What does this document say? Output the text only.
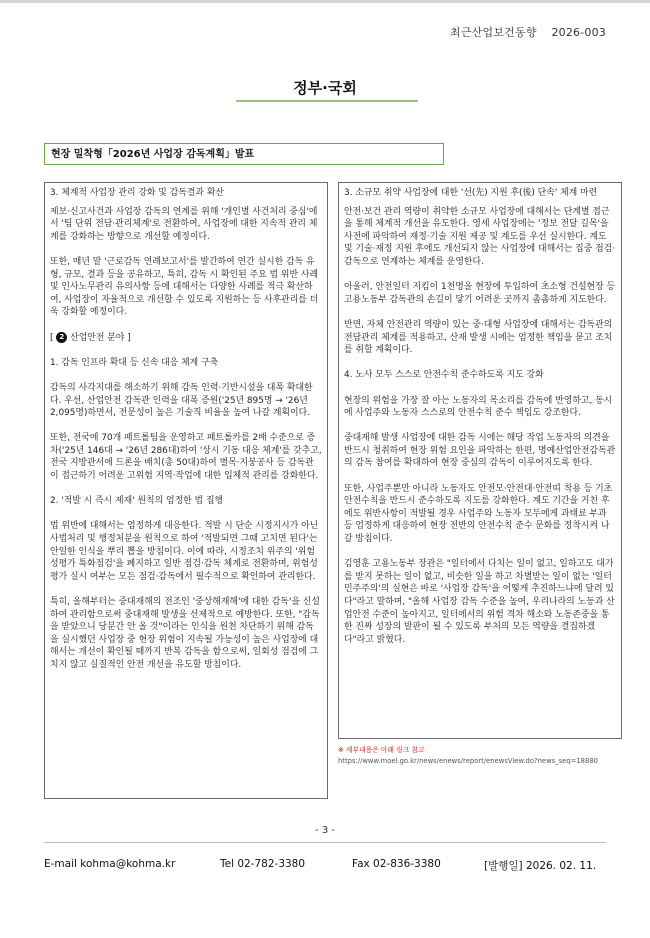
최근산업보건동향 2026-003
정부·국회
현장 밀착형「2026년 사업장 감독계획」발표

3. 체계적 사업장 관리 강화 및 감독결과 확산

제보·신고사건과 사업장 감독의 연계를 위해 '개인별 사건처리 중심'에서 '팀 단위 전담·관리체계'로 전환하여, 사업장에 대한 지속적 관리 체계를 강화하는 방향으로 개선할 예정이다.

또한, 매년 말 '근로감독 연례보고서'를 발간하여 연간 실시한 감독 유형, 규모, 결과 등을 공유하고, 특히, 감독 시 확인된 주요 법 위반 사례 및 인사노무관리 유의사항 등에 대해서는 다양한 사례를 적극 확산하여, 사업장이 자율적으로 개선할 수 있도록 지원하는 등 사후관리를 더욱 강화할 예정이다.

[ 2 산업안전 분야 ]

1. 감독 인프라 확대 등 신속 대응 체계 구축

감독의 사각지대를 해소하기 위해 감독 인력·기반시설을 대폭 확대한다. 우선, 산업안전 감독관 인력을 대폭 증원('25년 895명 → '26년 2,095명)하면서, 전문성이 높은 기술직 비율을 높여 나갈 계획이다.

또한, 전국에 70개 패트롤팀을 운영하고 패트롤카를 2배 수준으로 증차('25년 146대 → '26년 286대)하여 '상시 기동 대응 체계'를 갖추고, 전국 지방관서에 드론을 배치(총 50대)하여 별목·지붕공사 등 감독관이 접근하기 어려운 고위험 지역·작업에 대한 입체적 관리를 강화한다.

2. '적발 시 즉시 제재' 원칙의 엄정한 법 집행

법 위반에 대해서는 엄정하게 대응한다. 적발 시 단순 시정지시가 아닌 사법처리 및 행정처분을 원칙으로 하여 '적발되면 그때 고치면 된다'는 안일한 인식을 뿌리 뽑을 방침이다. 이에 따라, 시정조치 위주의 '위험성평가 특화점검'을 폐지하고 일반 점검·감독 체계로 전환하며, 위험성평가 실시 여부는 모든 점검·감독에서 필수적으로 확인하여 관리한다.

특히, 올해부터는 중대재해의 전조인 '중상해재해'에 대한 감독'을 신설하여 관리함으로써 중대재해 발생을 선제적으로 예방한다. 또한, "감독을 받았으니 당분간 안 올 것"이라는 인식을 원천 차단하기 위해 감독을 실시했던 사업장 중 현장 위험이 지속될 가능성이 높은 사업장에 대해서는 개선이 확인될 때까지 반복 감독을 함으로써, 일회성 점검에 그치지 않고 실질적인 안전 개선을 유도할 방침이다.

3. 소규모 취약 사업장에 대한 '선(先) 지원 후(後) 단속' 체계 마련

안전·보건 관리 역량이 취약한 소규모 사업장에 대해서는 단계별 접근을 통해 체계적 개선을 유도한다. 영세 사업장에는 '정보 전달 길목'을 사전에 파악하여 재정·기술 지원 제공 및 계도를 우선 실시한다. 계도 및 기술·재정 지원 후에도 개선되지 않는 사업장에 대해서는 집중 점검·감독으로 연계하는 체계를 운영한다.

아울러, 안전일터 지킴이 1천명을 현장에 투입하여 초소형 건설현장 등 고용노동부 감독관의 손길이 닿기 어려운 곳까지 촘촘하게 지도한다.

반면, 자체 안전관리 역량이 있는 중·대형 사업장에 대해서는 감독관의 전담관리 체계를 적용하고, 산재 발생 시에는 엄정한 책임을 묻고 조치를 취할 계획이다.

4. 노사 모두 스스로 안전수칙 준수하도록 지도 강화

현장의 위험을 가장 잘 아는 노동자의 목소리를 감독에 반영하고, 동시에 사업주와 노동자 스스로의 안전수칙 준수 책임도 강조한다.

중대재해 발생 사업장에 대한 감독 시에는 해당 작업 노동자의 의견을 반드시 청취하여 현장 위험 요인을 파악하는 한편, 명예산업안전감독관의 감독 참여를 확대하여 현장 중심의 감독이 이루어지도록 한다.

또한, 사업주뿐만 아니라 노동자도 안전모·안전대·안전띠 착용 등 기초 안전수칙을 반드시 준수하도록 지도를 강화한다. 계도 기간을 거친 후에도 위반사항이 적발될 경우 사업주와 노동자 모두에게 과태료 부과 등 엄정하게 대응하여 현장 전반의 안전수칙 준수 문화를 정착시켜 나갈 방침이다.

김영훈 고용노동부 장관은 "일터에서 다치는 일이 없고, 일하고도 대가를 받지 못하는 일이 없고, 비슷한 일을 하고 차별받는 일이 없는 '일터 민주주의'의 실현은 바로 '사업장 감독'을 어떻게 추진하느냐에 달려 있다"라고 말하며, "올해 사업장 감독 수준을 높여, 우리나라의 노동과 산업안전 수준이 높아지고, 일터에서의 위험 격차 해소와 노동존중을 통한 진짜 성장의 발판이 될 수 있도록 부처의 모든 역량을 결집하겠다"라고 밝혔다.

※ 세부내용은 아래 링크 참고
https://www.moel.go.kr/news/enews/report/enewsView.do?news_seq=18880
- 3 -
E-mail kohma@kohma.kr	Tel 02-782-3380	Fax 02-836-3380	[발행일] 2026. 02. 11.
